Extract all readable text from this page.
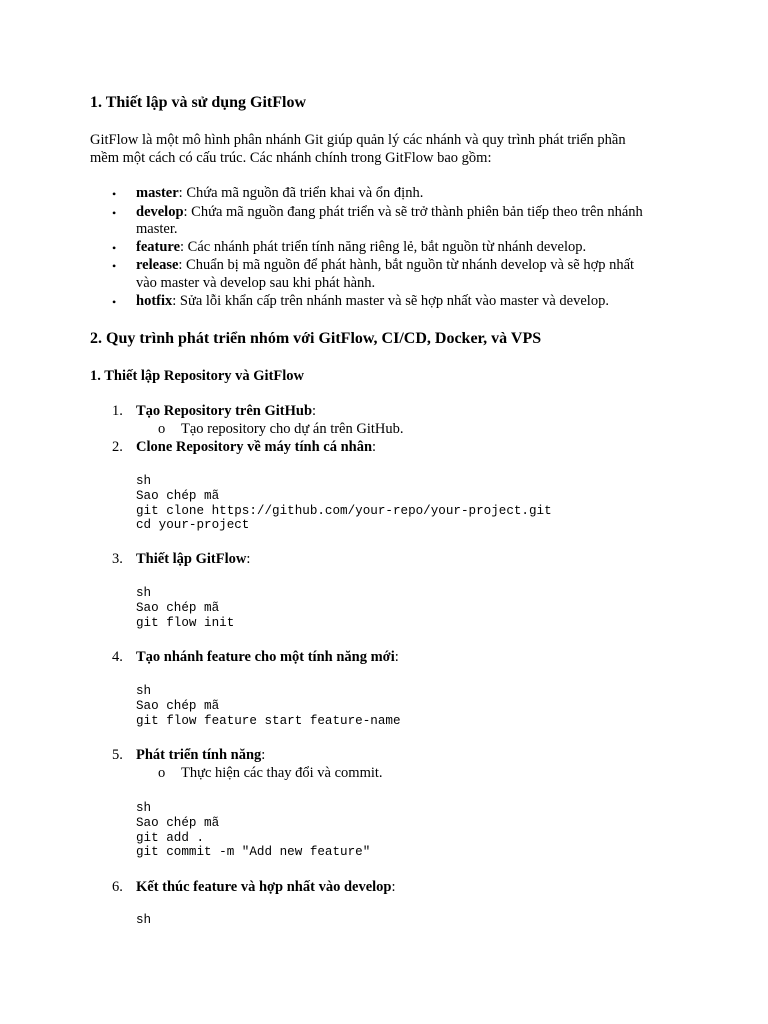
1. Thiết lập và sử dụng GitFlow
GitFlow là một mô hình phân nhánh Git giúp quản lý các nhánh và quy trình phát triển phần
mềm một cách có cấu trúc. Các nhánh chính trong GitFlow bao gồm:
• master: Chứa mã nguồn đã triển khai và ổn định.
• develop: Chứa mã nguồn đang phát triển và sẽ trở thành phiên bản tiếp theo trên nhánh
master.
• feature: Các nhánh phát triển tính năng riêng lẻ, bắt nguồn từ nhánh develop.
• release: Chuẩn bị mã nguồn để phát hành, bắt nguồn từ nhánh develop và sẽ hợp nhất
vào master và develop sau khi phát hành.
• hotfix: Sửa lỗi khẩn cấp trên nhánh master và sẽ hợp nhất vào master và develop.
2. Quy trình phát triển nhóm với GitFlow, CI/CD, Docker, và VPS
1. Thiết lập Repository và GitFlow
1. Tạo Repository trên GitHub:
o Tạo repository cho dự án trên GitHub.
2. Clone Repository về máy tính cá nhân:
sh
Sao chép mã
git clone https://github.com/your-repo/your-project.git
cd your-project
3. Thiết lập GitFlow:
sh
Sao chép mã
git flow init
4. Tạo nhánh feature cho một tính năng mới:
sh
Sao chép mã
git flow feature start feature-name
5. Phát triển tính năng:
o Thực hiện các thay đổi và commit.
sh
Sao chép mã
git add .
git commit -m "Add new feature"
6. Kết thúc feature và hợp nhất vào develop:
sh
